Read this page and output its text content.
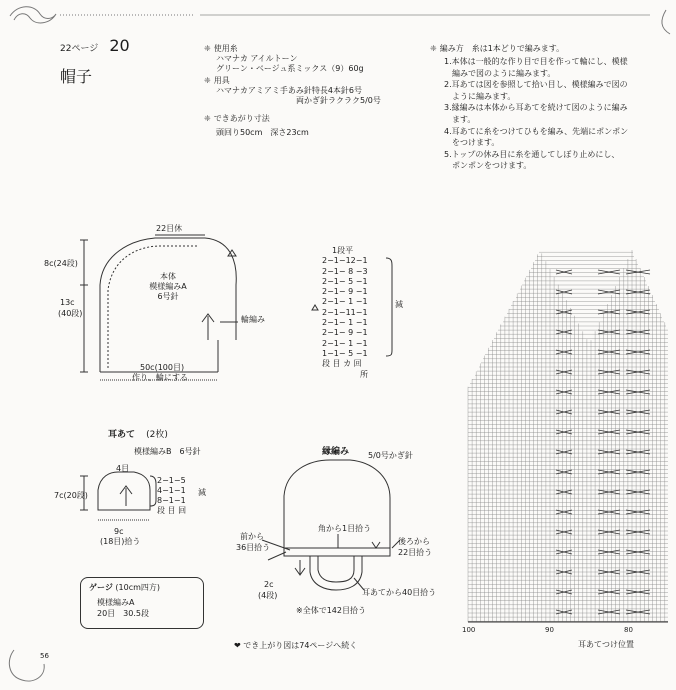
22ページ 20
帽子
❈ 使用糸
ハマナカ アイルトーン
グリーン・ベージュ系ミックス（9）60g
❈ 用具
ハマナカアミアミ手あみ針特長4本針6号
両かぎ針ラクラク5/0号
❈ できあがり寸法
頭回り50cm　深さ23cm
❈ 編み方　糸は1本どりで編みます。
1.本体は一般的な作り目で目を作って輪にし、模様
　編みで図のように編みます。
2.耳あては図を参照して拾い目し、模様編みで図の
　ように編みます。
3.縁編みは本体から耳あてを続けて図のように編み
　ます。
4.耳あてに糸をつけてひもを編み、先端にポンポン
　をつけます。
5.トップの休み目に糸を通してしぼり止めにし、
　ポンポンをつけます。
22目休
8c(24段)
13c
(40段)
本体
模様編みA
6号針
輪編み
50c(100目)
作り、輪にする
1段平
2−1−12−1
2−1− 8 −3
2−1− 5 −1
2−1− 9 −1
2−1− 1 −1
2−1−11−1
2−1− 1 −1
2−1− 9 −1
2−1− 1 −1
1−1− 5 −1
段 目 カ 回
所
減
耳あて (2枚)
模様編みB　6号針
4目
7c(20段)
2−1−5
4−1−1
8−1−1
段 目 回
減
9c
(18目)拾う
ゲージ (10cm四方)
模様編みA
20目　30.5段
縁編み 5/0号かぎ針
角から1目拾う
前から
36目拾う
後ろから
22目拾う
耳あてから40目拾う
2c
(4段)
※全体で142目拾う
100	90	80
耳あてつけ位置
❤ でき上がり図は74ページへ続く
56
